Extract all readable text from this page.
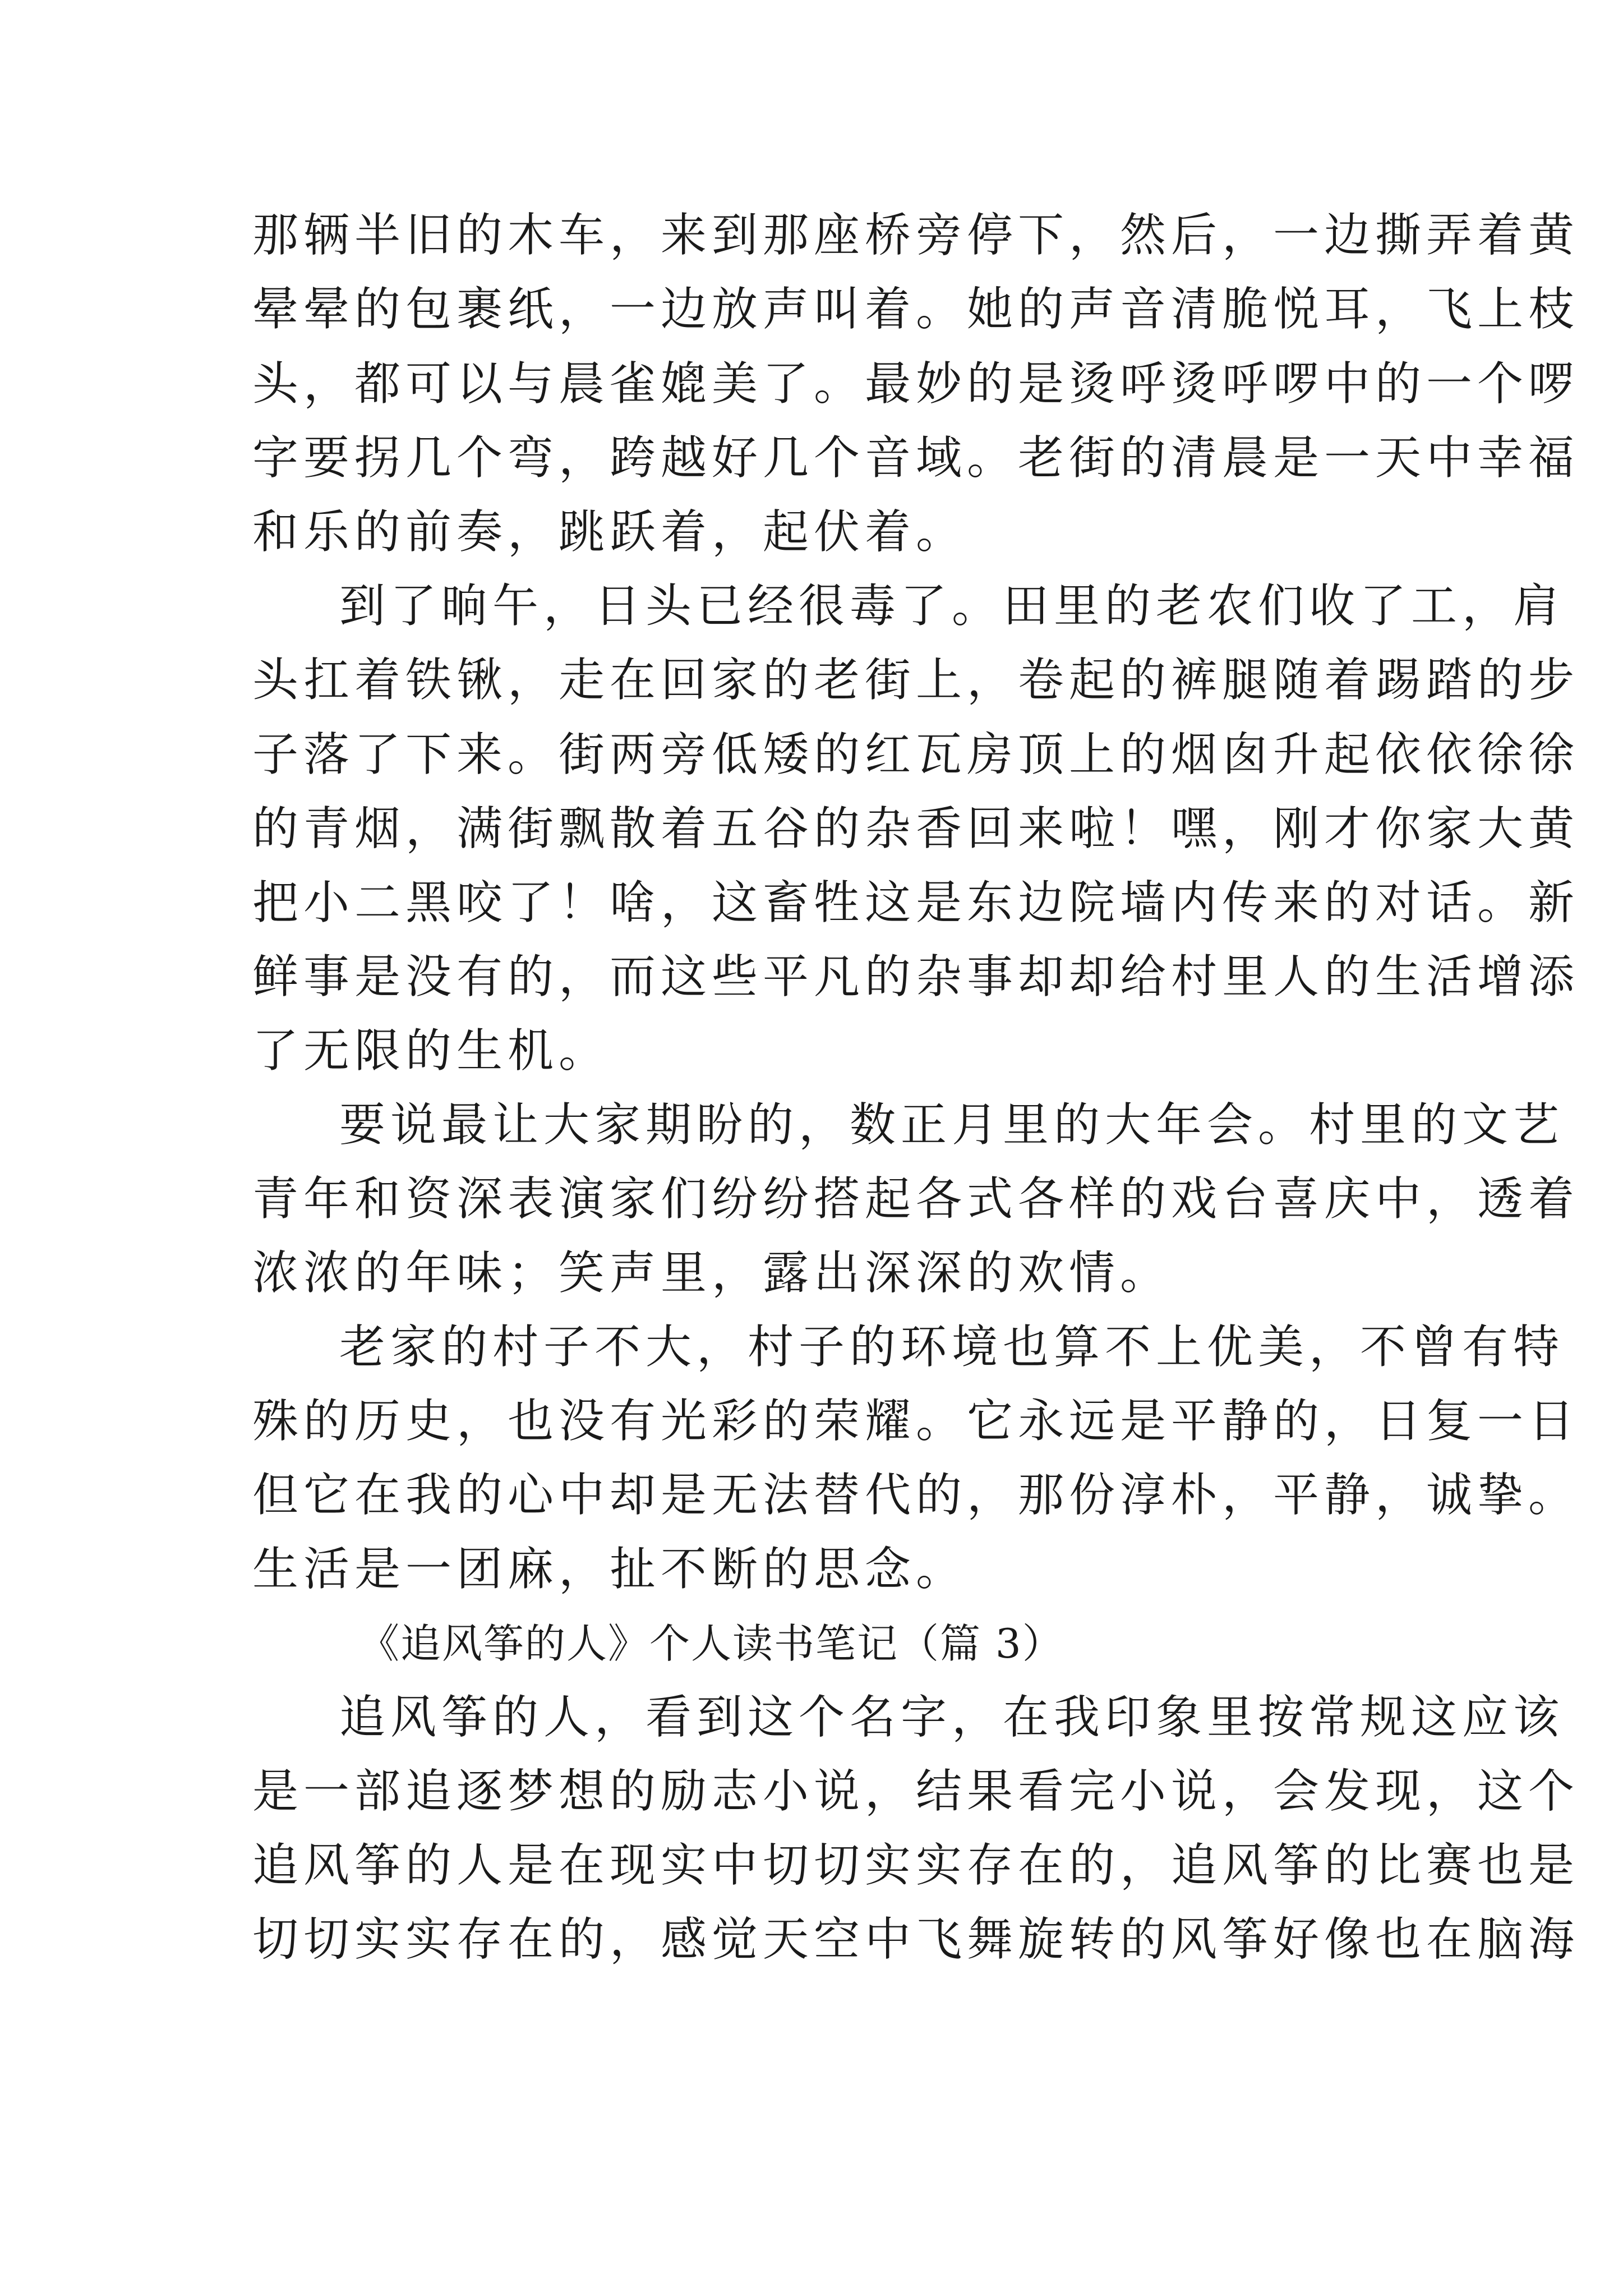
那辆半旧的木车，来到那座桥旁停下，然后，一边撕弄着黄
晕晕的包裹纸，一边放声叫着。她的声音清脆悦耳，飞上枝
头，都可以与晨雀媲美了。最妙的是烫呼烫呼啰中的一个啰
字要拐几个弯，跨越好几个音域。老街的清晨是一天中幸福
和乐的前奏，跳跃着，起伏着。
到了晌午，日头已经很毒了。田里的老农们收了工，肩
头扛着铁锹，走在回家的老街上，卷起的裤腿随着踢踏的步
子落了下来。街两旁低矮的红瓦房顶上的烟囱升起依依徐徐
的青烟，满街飘散着五谷的杂香回来啦！嘿，刚才你家大黄
把小二黑咬了！啥，这畜牲这是东边院墙内传来的对话。新
鲜事是没有的，而这些平凡的杂事却却给村里人的生活增添
了无限的生机。
要说最让大家期盼的，数正月里的大年会。村里的文艺
青年和资深表演家们纷纷搭起各式各样的戏台喜庆中，透着
浓浓的年味；笑声里，露出深深的欢情。
老家的村子不大，村子的环境也算不上优美，不曾有特
殊的历史，也没有光彩的荣耀。它永远是平静的，日复一日
但它在我的心中却是无法替代的，那份淳朴，平静，诚挚。
生活是一团麻，扯不断的思念。
《追风筝的人》个人读书笔记（篇 3）
追风筝的人，看到这个名字，在我印象里按常规这应该
是一部追逐梦想的励志小说，结果看完小说，会发现，这个
追风筝的人是在现实中切切实实存在的，追风筝的比赛也是
切切实实存在的，感觉天空中飞舞旋转的风筝好像也在脑海
